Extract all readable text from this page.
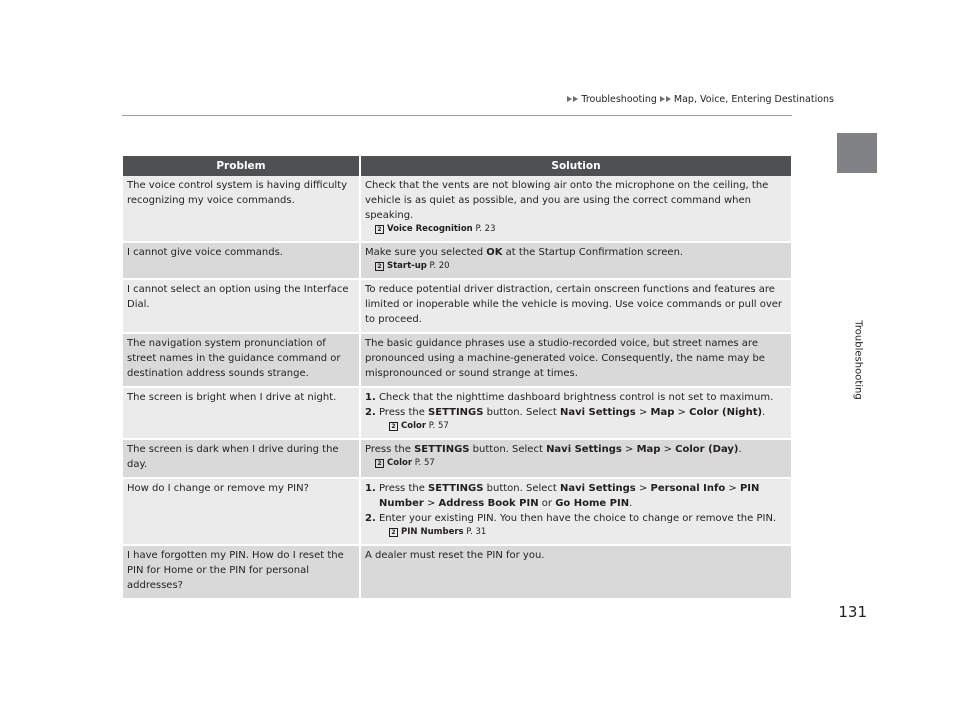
Troubleshooting Map, Voice, Entering Destinations
Troubleshooting
Problem	Solution
The voice control system is having difficulty recognizing my voice commands.	Check that the vents are not blowing air onto the microphone on the ceiling, the vehicle is as quiet as possible, and you are using the correct command when speaking.
2 Voice Recognition P. 23

I cannot give voice commands.	Make sure you selected OK at the Startup Confirmation screen.
2 Start-up P. 20

I cannot select an option using the Interface Dial.	To reduce potential driver distraction, certain onscreen functions and features are limited or inoperable while the vehicle is moving. Use voice commands or pull over to proceed.
The navigation system pronunciation of street names in the guidance command or destination address sounds strange.	The basic guidance phrases use a studio-recorded voice, but street names are pronounced using a machine-generated voice. Consequently, the name may be mispronounced or sound strange at times.
The screen is bright when I drive at night.	1. Check that the nighttime dashboard brightness control is not set to maximum.
2. Press the SETTINGS button. Select Navi Settings > Map > Color (Night).
2 Color P. 57

The screen is dark when I drive during the day.	Press the SETTINGS button. Select Navi Settings > Map > Color (Day).
2 Color P. 57

How do I change or remove my PIN?	1. Press the SETTINGS button. Select Navi Settings > Personal Info > PIN Number > Address Book PIN or Go Home PIN.
2. Enter your existing PIN. You then have the choice to change or remove the PIN.
2 PIN Numbers P. 31

I have forgotten my PIN. How do I reset the PIN for Home or the PIN for personal addresses?	A dealer must reset the PIN for you.
131
